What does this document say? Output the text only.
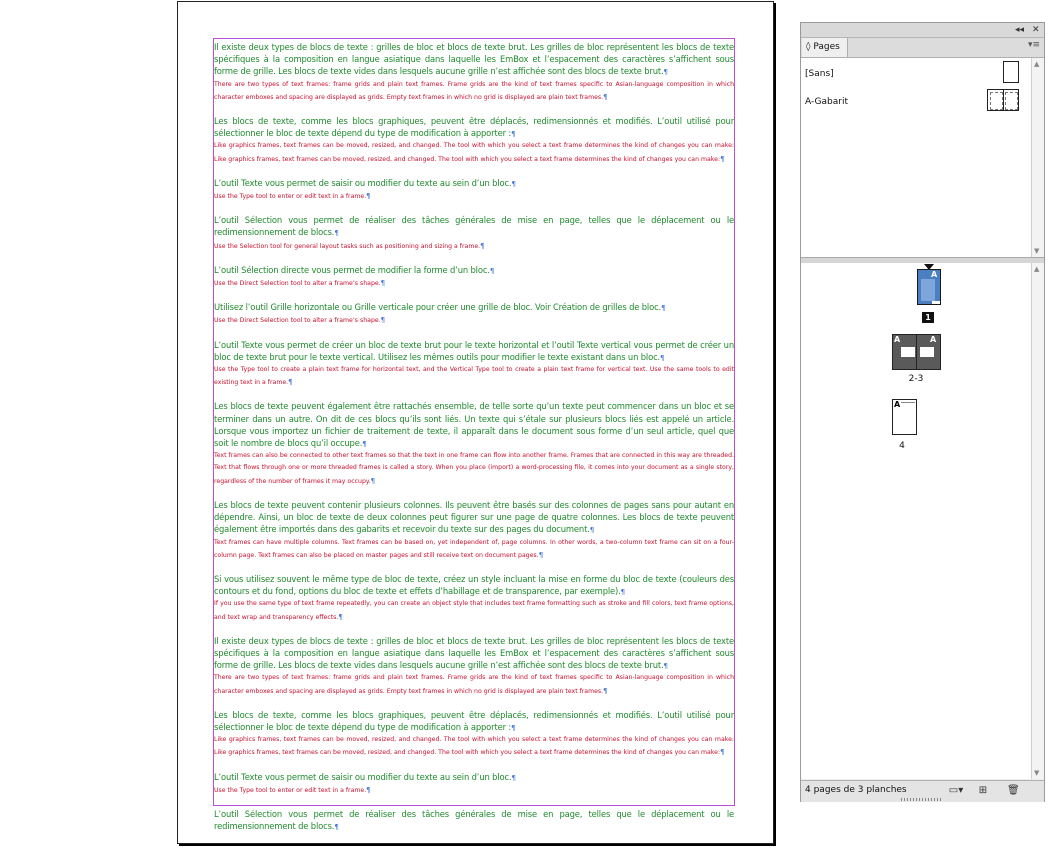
Il existe deux types de blocs de texte : grilles de bloc et blocs de texte brut. Les grilles de bloc représentent les blocs de texte spécifiques à la composition en langue asiatique dans laquelle les EmBox et l’espacement des caractères s’affichent sous forme de grille. Les blocs de texte vides dans lesquels aucune grille n’est affichée sont des blocs de texte brut.¶
There are two types of text frames: frame grids and plain text frames. Frame grids are the kind of text frames specific to Asian-language composition in which character emboxes and spacing are displayed as grids. Empty text frames in which no grid is displayed are plain text frames.¶
Les blocs de texte, comme les blocs graphiques, peuvent être déplacés, redimensionnés et modifiés. L’outil utilisé pour sélectionner le bloc de texte dépend du type de modification à apporter :¶
Like graphics frames, text frames can be moved, resized, and changed. The tool with which you select a text frame determines the kind of changes you can make: Like graphics frames, text frames can be moved, resized, and changed. The tool with which you select a text frame determines the kind of changes you can make:¶
L’outil Texte vous permet de saisir ou modifier du texte au sein d’un bloc.¶
Use the Type tool to enter or edit text in a frame.¶
L’outil Sélection vous permet de réaliser des tâches générales de mise en page, telles que le déplacement ou le redimensionnement de blocs.¶
Use the Selection tool for general layout tasks such as positioning and sizing a frame.¶
L’outil Sélection directe vous permet de modifier la forme d’un bloc.¶
Use the Direct Selection tool to alter a frame’s shape.¶
Utilisez l’outil Grille horizontale ou Grille verticale pour créer une grille de bloc. Voir Création de grilles de bloc.¶
Use the Direct Selection tool to alter a frame’s shape.¶
L’outil Texte vous permet de créer un bloc de texte brut pour le texte horizontal et l’outil Texte vertical vous permet de créer un bloc de texte brut pour le texte vertical. Utilisez les mêmes outils pour modifier le texte existant dans un bloc.¶
Use the Type tool to create a plain text frame for horizontal text, and the Vertical Type tool to create a plain text frame for vertical text. Use the same tools to edit existing text in a frame.¶
Les blocs de texte peuvent également être rattachés ensemble, de telle sorte qu’un texte peut commencer dans un bloc et se terminer dans un autre. On dit de ces blocs qu’ils sont liés. Un texte qui s’étale sur plusieurs blocs liés est appelé un article. Lorsque vous importez un fichier de traitement de texte, il apparaît dans le document sous forme d’un seul article, quel que soit le nombre de blocs qu’il occupe.¶
Text frames can also be connected to other text frames so that the text in one frame can flow into another frame. Frames that are connected in this way are threaded. Text that flows through one or more threaded frames is called a story. When you place (import) a word-processing file, it comes into your document as a single story, regardless of the number of frames it may occupy.¶
Les blocs de texte peuvent contenir plusieurs colonnes. Ils peuvent être basés sur des colonnes de pages sans pour autant en dépendre. Ainsi, un bloc de texte de deux colonnes peut figurer sur une page de quatre colonnes. Les blocs de texte peuvent également être importés dans des gabarits et recevoir du texte sur des pages du document.¶
Text frames can have multiple columns. Text frames can be based on, yet independent of, page columns. In other words, a two-column text frame can sit on a four-column page. Text frames can also be placed on master pages and still receive text on document pages.¶
Si vous utilisez souvent le même type de bloc de texte, créez un style incluant la mise en forme du bloc de texte (couleurs des contours et du fond, options du bloc de texte et effets d’habillage et de transparence, par exemple).¶
If you use the same type of text frame repeatedly, you can create an object style that includes text frame formatting such as stroke and fill colors, text frame options, and text wrap and transparency effects.¶
Il existe deux types de blocs de texte : grilles de bloc et blocs de texte brut. Les grilles de bloc représentent les blocs de texte spécifiques à la composition en langue asiatique dans laquelle les EmBox et l’espacement des caractères s’affichent sous forme de grille. Les blocs de texte vides dans lesquels aucune grille n’est affichée sont des blocs de texte brut.¶
There are two types of text frames: frame grids and plain text frames. Frame grids are the kind of text frames specific to Asian-language composition in which character emboxes and spacing are displayed as grids. Empty text frames in which no grid is displayed are plain text frames.¶
Les blocs de texte, comme les blocs graphiques, peuvent être déplacés, redimensionnés et modifiés. L’outil utilisé pour sélectionner le bloc de texte dépend du type de modification à apporter :¶
Like graphics frames, text frames can be moved, resized, and changed. The tool with which you select a text frame determines the kind of changes you can make: Like graphics frames, text frames can be moved, resized, and changed. The tool with which you select a text frame determines the kind of changes you can make:¶
L’outil Texte vous permet de saisir ou modifier du texte au sein d’un bloc.¶
Use the Type tool to enter or edit text in a frame.¶
L’outil Sélection vous permet de réaliser des tâches générales de mise en page, telles que le déplacement ou le redimensionnement de blocs.¶
◂◂ ✕
◊ Pages	▾≡
[Sans]
A-Gabarit
▲
▼
A
1
A	A
2-3
A
4
▲
▼
4 pages de 3 planches	▭▾ ⊞ 🗑
